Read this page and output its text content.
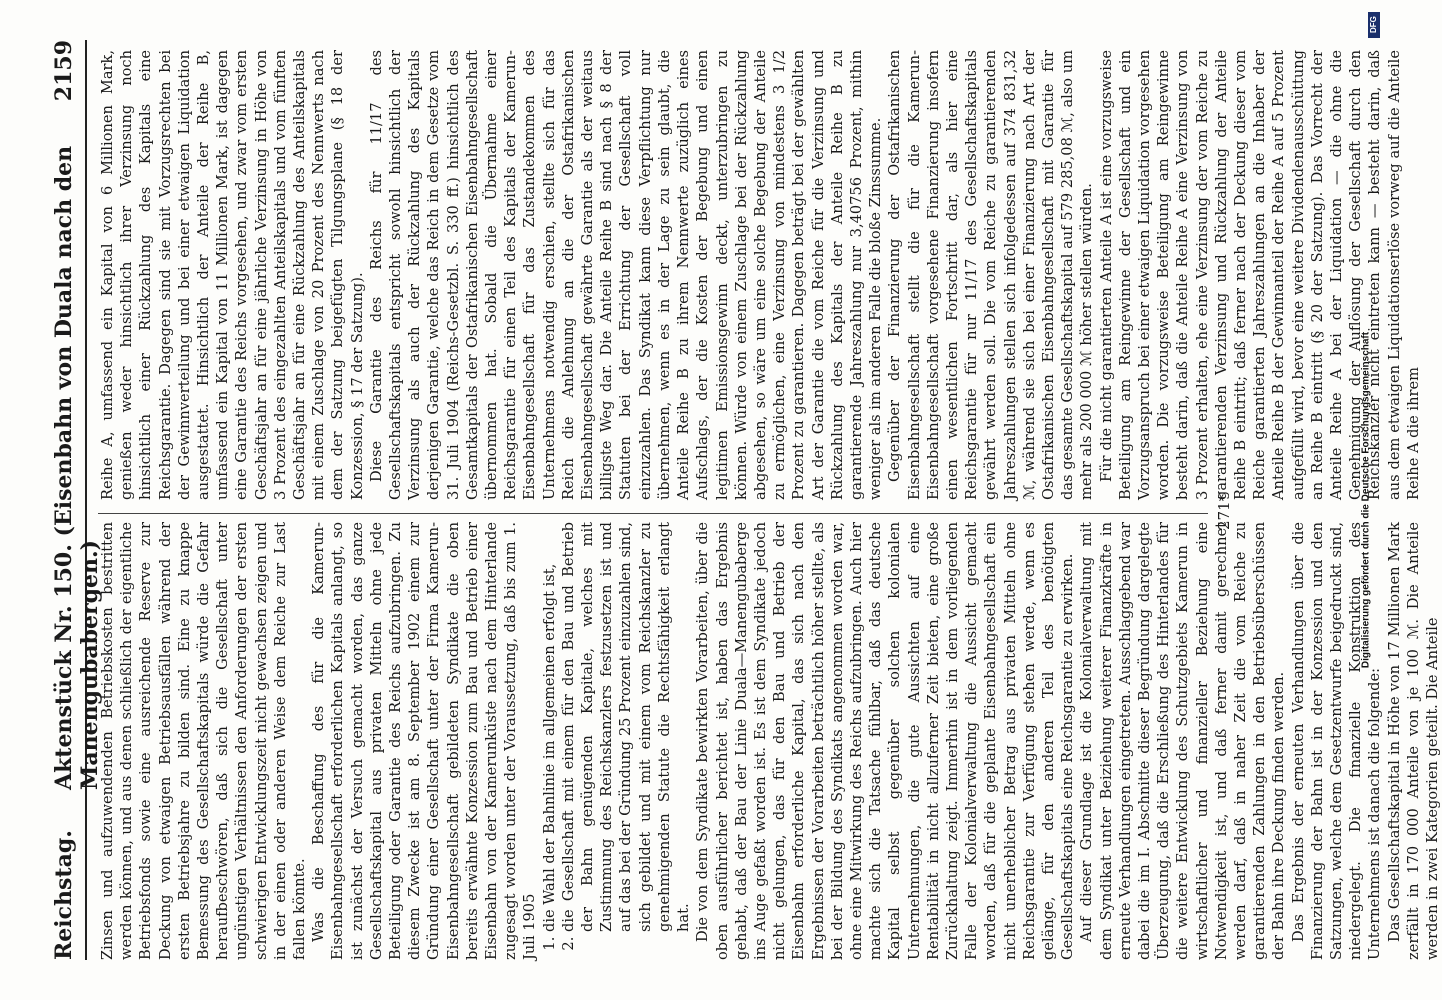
Reichstag.
Aktenstück Nr. 150. (Eisenbahn von Duala nach den Manengubabergen.)
2159

Zinsen und aufzuwendenden Betriebskosten bestritten werden können, und aus denen schließlich der eigentliche Betriebsfonds sowie eine ausreichende Reserve zur Deckung von etwaigen Betriebsausfällen während der ersten Betriebsjahre zu bilden sind. Eine zu knappe Bemessung des Gesellschaftskapitals würde die Gefahr heraufbeschwören, daß sich die Gesellschaft unter ungünstigen Verhältnissen den Anforderungen der ersten schwierigen Entwicklungszeit nicht gewachsen zeigen und in der einen oder anderen Weise dem Reiche zur Last fallen könnte. Was die Beschaffung des für die Kamerun-Eisenbahngesellschaft erforderlichen Kapitals anlangt, so ist zunächst der Versuch gemacht worden, das ganze Gesellschaftskapital aus privaten Mitteln ohne jede Beteiligung oder Garantie des Reichs aufzubringen. Zu diesem Zwecke ist am 8. September 1902 einem zur Gründung einer Gesellschaft unter der Firma Kamerun-Eisenbahngesellschaft gebildeten Syndikate die oben bereits erwähnte Konzession zum Bau und Betrieb einer Eisenbahn von der Kamerunküste nach dem Hinterlande zugesagt worden unter der Voraussetzung, daß bis zum 1. Juli 1905 1. die Wahl der Bahnlinie im allgemeinen erfolgt ist, 2. die Gesellschaft mit einem für den Bau und Betrieb der Bahn genügenden Kapitale, welches mit Zustimmung des Reichskanzlers festzusetzen ist und auf das bei der Gründung 25 Prozent einzuzahlen sind, sich gebildet und mit einem vom Reichskanzler zu genehmigenden Statute die Rechtsfähigkeit erlangt hat. Die von dem Syndikate bewirkten Vorarbeiten, über die oben ausführlicher berichtet ist, haben das Ergebnis gehabt, daß der Bau der Linie Duala—Manengubaberge ins Auge gefaßt worden ist. Es ist dem Syndikate jedoch nicht gelungen, das für den Bau und Betrieb der Eisenbahn erforderliche Kapital, das sich nach den Ergebnissen der Vorarbeiten beträchtlich höher stellte, als bei der Bildung des Syndikats angenommen worden war, ohne eine Mitwirkung des Reichs aufzubringen. Auch hier machte sich die Tatsache fühlbar, daß das deutsche Kapital selbst gegenüber solchen kolonialen Unternehmungen, die gute Aussichten auf eine Rentabilität in nicht allzuferner Zeit bieten, eine große Zurückhaltung zeigt. Immerhin ist in dem vorliegenden Falle der Kolonialverwaltung die Aussicht gemacht worden, daß für die geplante Eisenbahngesellschaft ein nicht unerheblicher Betrag aus privaten Mitteln ohne Reichsgarantie zur Verfügung stehen werde, wenn es gelänge, für den anderen Teil des benötigten Gesellschaftskapitals eine Reichsgarantie zu erwirken. Auf dieser Grundlage ist die Kolonialverwaltung mit dem Syndikat unter Beiziehung weiterer Finanzkräfte in erneute Verhandlungen eingetreten. Ausschlaggebend war dabei die im I. Abschnitte dieser Begründung dargelegte Überzeugung, daß die Erschließung des Hinterlandes für die weitere Entwicklung des Schutzgebiets Kamerun in wirtschaftlicher und finanzieller Beziehung eine Notwendigkeit ist, und daß ferner damit gerechnet werden darf, daß in naher Zeit die vom Reiche zu garantierenden Zahlungen in den Betriebsüberschüssen der Bahn ihre Deckung finden werden. Das Ergebnis der erneuten Verhandlungen über die Finanzierung der Bahn ist in der Konzession und den Satzungen, welche dem Gesetzentwurfe beigedruckt sind, niedergelegt. Die finanzielle Konstruktion des Unternehmens ist danach die folgende: Das Gesellschaftskapital in Höhe von 17 Millionen Mark zerfällt in 170 000 Anteile von je 100 ℳ. Die Anteile werden in zwei Kategorien geteilt. Die Anteile

Reihe A, umfassend ein Kapital von 6 Millionen Mark, genießen weder hinsichtlich ihrer Verzinsung noch hinsichtlich einer Rückzahlung des Kapitals eine Reichsgarantie. Dagegen sind sie mit Vorzugsrechten bei der Gewinnverteilung und bei einer etwaigen Liquidation ausgestattet. Hinsichtlich der Anteile der Reihe B, umfassend ein Kapital von 11 Millionen Mark, ist dagegen eine Garantie des Reichs vorgesehen, und zwar vom ersten Geschäftsjahr an für eine jährliche Verzinsung in Höhe von 3 Prozent des eingezahlten Anteilskapitals und vom fünften Geschäftsjahr an für eine Rückzahlung des Anteilskapitals mit einem Zuschlage von 20 Prozent des Nennwerts nach dem der Satzung beigefügten Tilgungsplane (§ 18 der Konzession, § 17 der Satzung). Diese Garantie des Reichs für 11/17 des Gesellschaftskapitals entspricht sowohl hinsichtlich der Verzinsung als auch der Rückzahlung des Kapitals derjenigen Garantie, welche das Reich in dem Gesetze vom 31. Juli 1904 (Reichs-Gesetzbl. S. 330 ff.) hinsichtlich des Gesamtkapitals der Ostafrikanischen Eisenbahngesellschaft übernommen hat. Sobald die Übernahme einer Reichsgarantie für einen Teil des Kapitals der Kamerun-Eisenbahngesellschaft für das Zustandekommen des Unternehmens notwendig erschien, stellte sich für das Reich die Anlehnung an die der Ostafrikanischen Eisenbahngesellschaft gewährte Garantie als der weitaus billigste Weg dar. Die Anteile Reihe B sind nach § 8 der Statuten bei der Errichtung der Gesellschaft voll einzuzahlen. Das Syndikat kann diese Verpflichtung nur übernehmen, wenn es in der Lage zu sein glaubt, die Anteile Reihe B zu ihrem Nennwerte zuzüglich eines Aufschlags, der die Kosten der Begebung und einen legitimen Emissionsgewinn deckt, unterzubringen zu können. Würde von einem Zuschlage bei der Rückzahlung abgesehen, so wäre um eine solche Begebung der Anteile zu ermöglichen, eine Verzinsung von mindestens 3 1/2 Prozent zu garantieren. Dagegen beträgt bei der gewählten Art der Garantie die vom Reiche für die Verzinsung und Rückzahlung des Kapitals der Anteile Reihe B zu garantierende Jahreszahlung nur 3,40756 Prozent, mithin weniger als im anderen Falle die bloße Zinssumme. Gegenüber der Finanzierung der Ostafrikanischen Eisenbahngesellschaft stellt die für die Kamerun-Eisenbahngesellschaft vorgesehene Finanzierung insofern einen wesentlichen Fortschritt dar, als hier eine Reichsgarantie für nur 11/17 des Gesellschaftskapitals gewährt werden soll. Die vom Reiche zu garantierenden Jahreszahlungen stellen sich infolgedessen auf 374 831,32 ℳ, während sie sich bei einer Finanzierung nach Art der Ostafrikanischen Eisenbahngesellschaft mit Garantie für das gesamte Gesellschaftskapital auf 579 285,08 ℳ, also um mehr als 200 000 ℳ höher stellen würden. Für die nicht garantierten Anteile A ist eine vorzugsweise Beteiligung am Reingewinne der Gesellschaft und ein Vorzugsanspruch bei einer etwaigen Liquidation vorgesehen worden. Die vorzugsweise Beteiligung am Reingewinne besteht darin, daß die Anteile Reihe A eine Verzinsung von 3 Prozent erhalten, ehe eine Verzinsung der vom Reiche zu garantierenden Verzinsung und Rückzahlung der Anteile Reihe B eintritt; daß ferner nach der Deckung dieser vom Reiche garantierten Jahreszahlungen an die Inhaber der Anteile Reihe B der Gewinnanteil der Reihe A auf 5 Prozent aufgefüllt wird, bevor eine weitere Dividendenausschüttung an Reihe B eintritt (§ 20 der Satzung). Das Vorrecht der Anteile Reihe A bei der Liquidation — die ohne die Genehmigung der Auflösung der Gesellschaft durch den Reichskanzler nicht eintreten kann — besteht darin, daß aus dem etwaigen Liquidationserlöse vorweg auf die Anteile Reihe A die ihrem

271*
DFG
Digitalisierung gefördert durch die Deutsche Forschungsgemeinschaft
